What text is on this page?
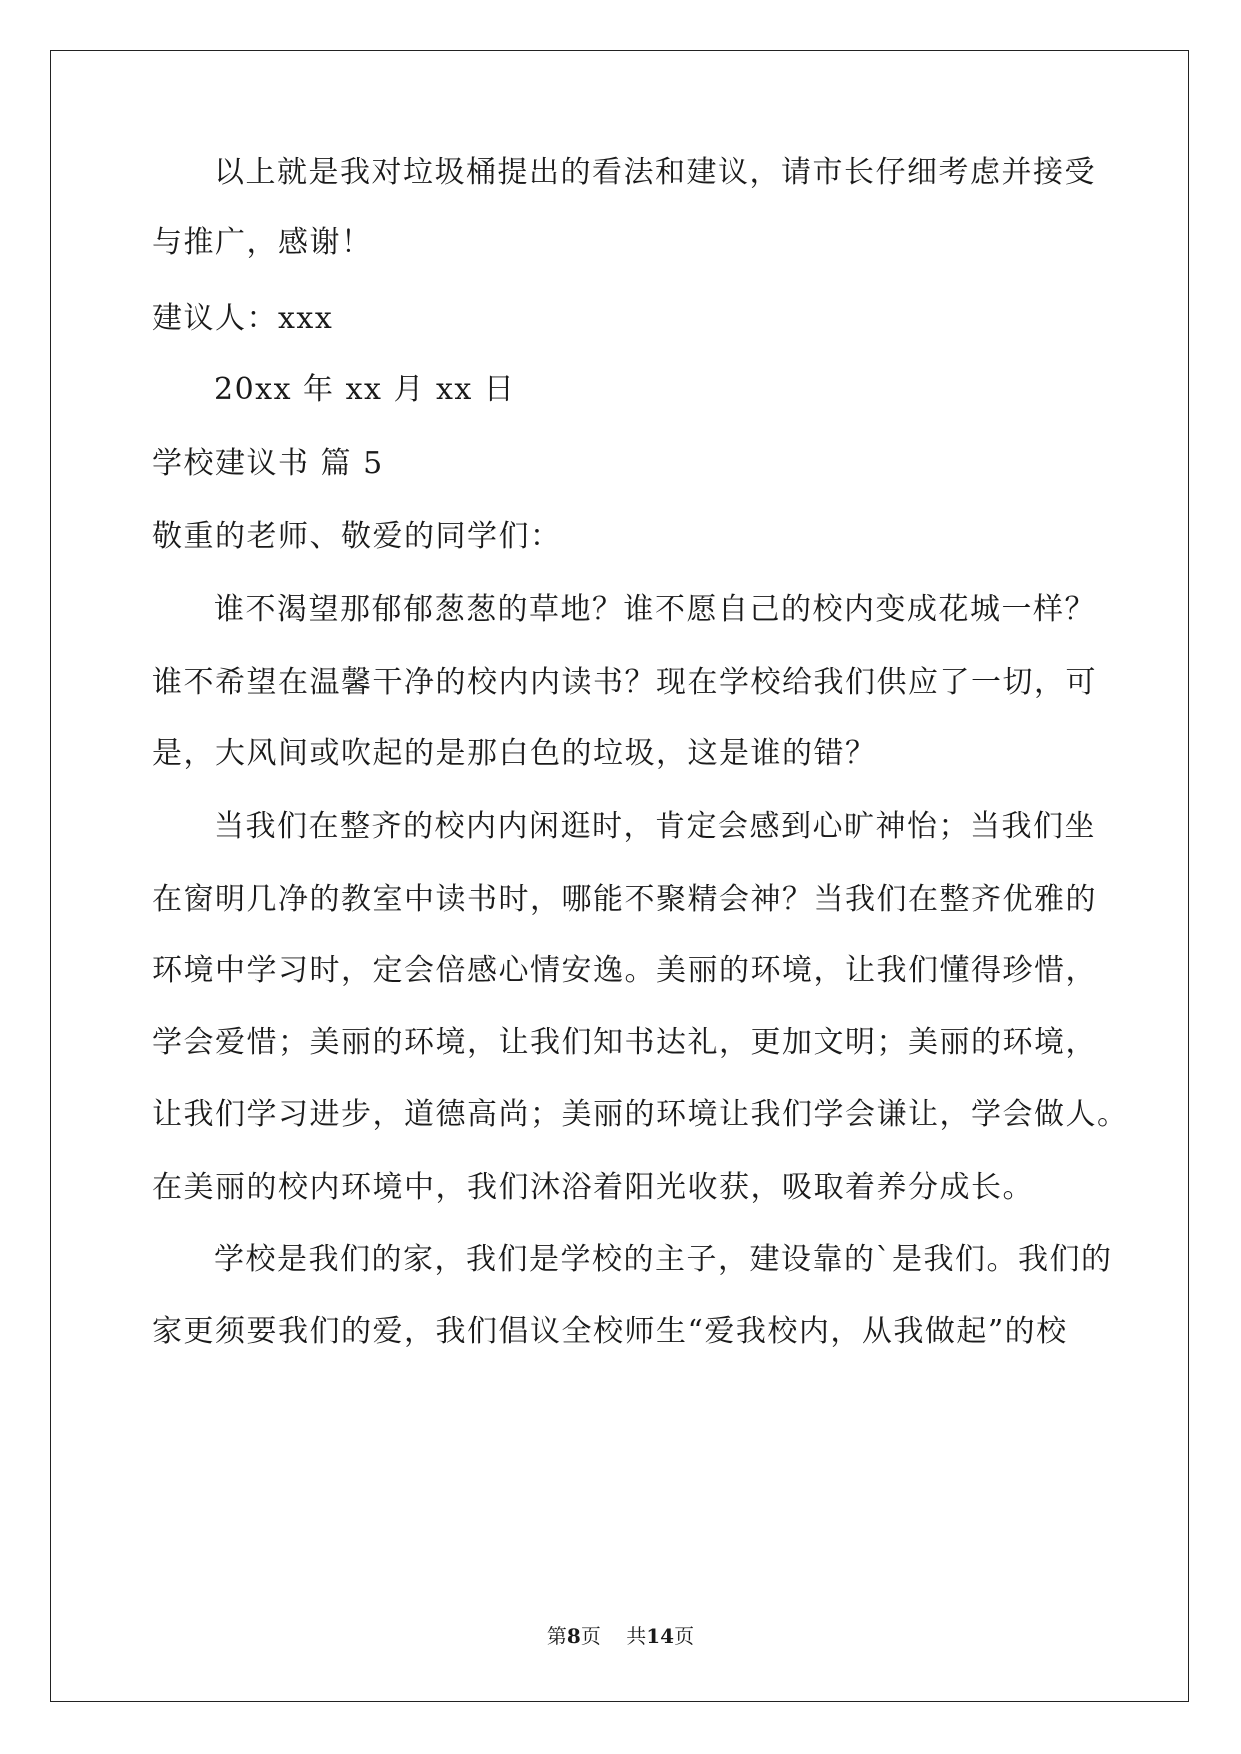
以上就是我对垃圾桶提出的看法和建议，请市长仔细考虑并接受
与推广，感谢！
建议人：xxx
20xx 年 xx 月 xx 日
学校建议书 篇 5
敬重的老师、敬爱的同学们：
谁不渴望那郁郁葱葱的草地？谁不愿自己的校内变成花城一样？
谁不希望在温馨干净的校内内读书？现在学校给我们供应了一切，可
是，大风间或吹起的是那白色的垃圾，这是谁的错？
当我们在整齐的校内内闲逛时，肯定会感到心旷神怡；当我们坐
在窗明几净的教室中读书时，哪能不聚精会神？当我们在整齐优雅的
环境中学习时，定会倍感心情安逸。美丽的环境，让我们懂得珍惜，
学会爱惜；美丽的环境，让我们知书达礼，更加文明；美丽的环境，
让我们学习进步，道德高尚；美丽的环境让我们学会谦让，学会做人。
在美丽的校内环境中，我们沐浴着阳光收获，吸取着养分成长。
学校是我们的家，我们是学校的主子，建设靠的`是我们。我们的
家更须要我们的爱，我们倡议全校师生“爱我校内，从我做起”的校
第8页    共14页
